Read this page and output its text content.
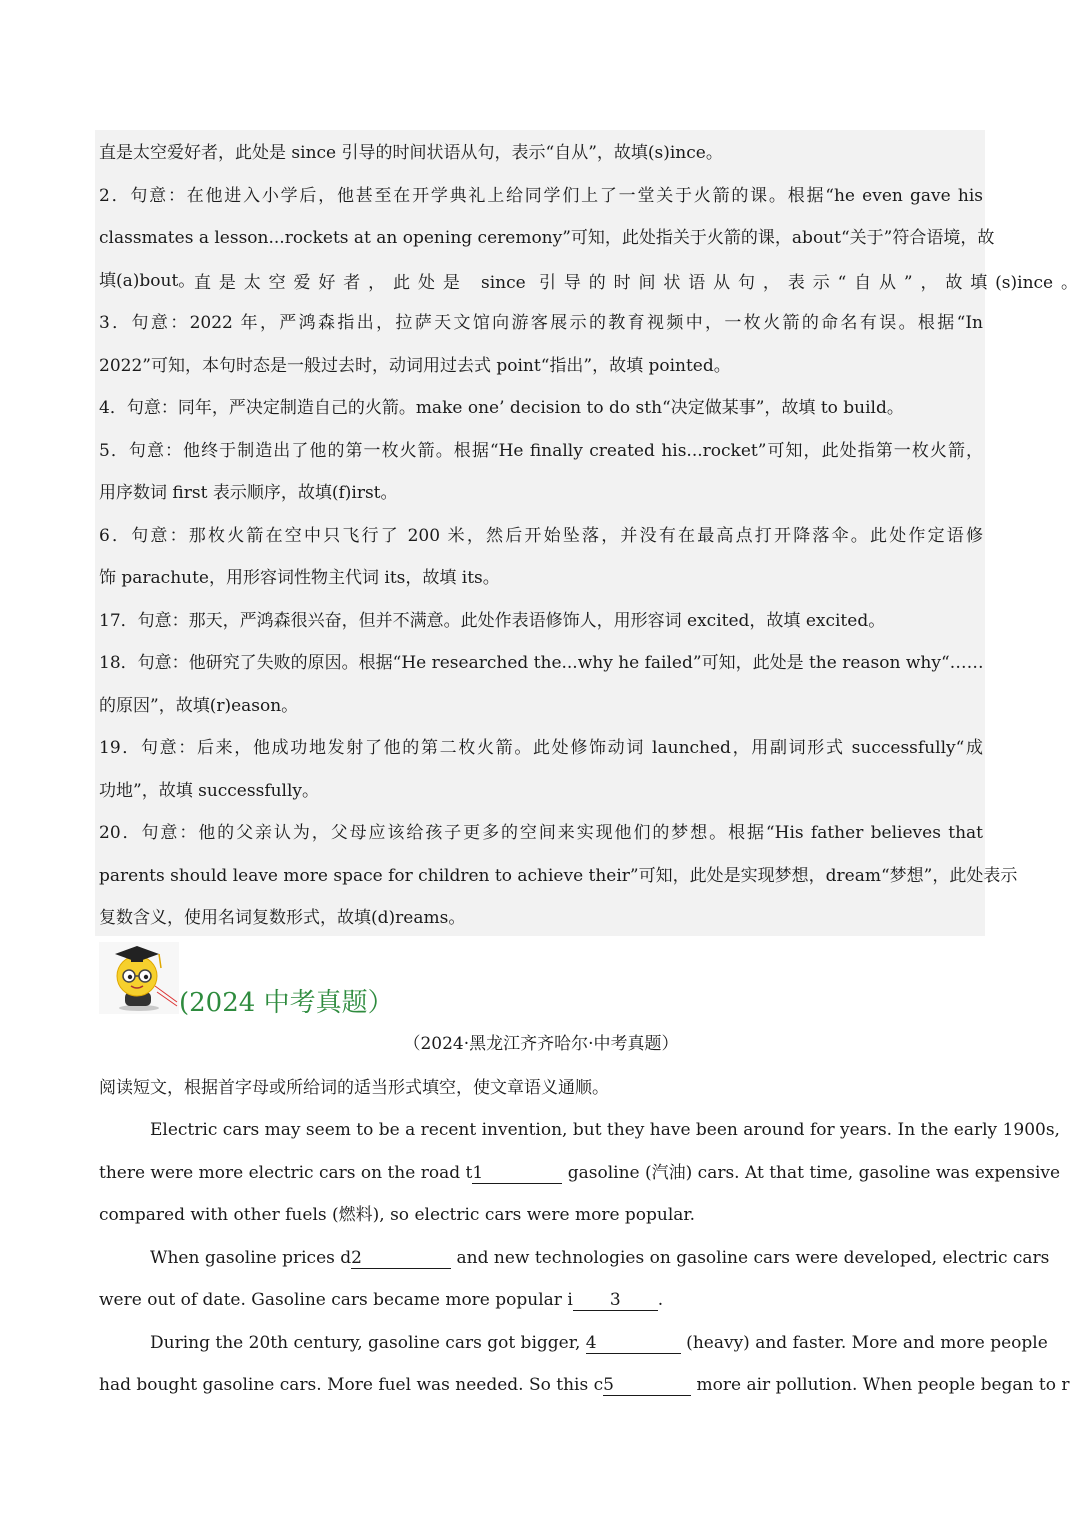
直是太空爱好者，此处是 since 引导的时间状语从句，表示“自从”，故填(s)ince。
直是太空爱好者，此处是 since 引导的时间状语从句，表示“自从”，故填(s)ince。
2．句意：在他进入小学后，他甚至在开学典礼上给同学们上了一堂关于火箭的课。根据“he even gave his
classmates a lesson...rockets at an opening ceremony”可知，此处指关于火箭的课，about“关于”符合语境，故
填(a)bout。
3．句意：2022 年，严鸿森指出，拉萨天文馆向游客展示的教育视频中，一枚火箭的命名有误。根据“In
2022”可知，本句时态是一般过去时，动词用过去式 point“指出”，故填 pointed。
4．句意：同年，严决定制造自己的火箭。make one’ decision to do sth“决定做某事”，故填 to build。
5．句意：他终于制造出了他的第一枚火箭。根据“He finally created his...rocket”可知，此处指第一枚火箭，
用序数词 first 表示顺序，故填(f)irst。
6．句意：那枚火箭在空中只飞行了 200 米，然后开始坠落，并没有在最高点打开降落伞。此处作定语修
饰 parachute，用形容词性物主代词 its，故填 its。
17．句意：那天，严鸿森很兴奋，但并不满意。此处作表语修饰人，用形容词 excited，故填 excited。
18．句意：他研究了失败的原因。根据“He researched the...why he failed”可知，此处是 the reason why“……
的原因”，故填(r)eason。
19．句意：后来，他成功地发射了他的第二枚火箭。此处修饰动词 launched，用副词形式 successfully“成
功地”，故填 successfully。
20．句意：他的父亲认为，父母应该给孩子更多的空间来实现他们的梦想。根据“His father believes that
parents should leave more space for children to achieve their”可知，此处是实现梦想，dream“梦想”，此处表示
复数含义，使用名词复数形式，故填(d)reams。
(2024 中考真题）
（2024·黑龙江齐齐哈尔·中考真题）
阅读短文，根据首字母或所给词的适当形式填空，使文章语义通顺。
Electric cars may seem to be a recent invention, but they have been around for years. In the early 1900s,
there were more electric cars on the road t1	gasoline (汽油) cars. At that time, gasoline was expensive
compared with other fuels (燃料), so electric cars were more popular.
When gasoline prices d2	and new technologies on gasoline cars were developed, electric cars
were out of date. Gasoline cars became more popular i 3 .
During the 20th century, gasoline cars got bigger, 4	(heavy) and faster. More and more people
had bought gasoline cars. More fuel was needed. So this c5	more air pollution. When people began to r
